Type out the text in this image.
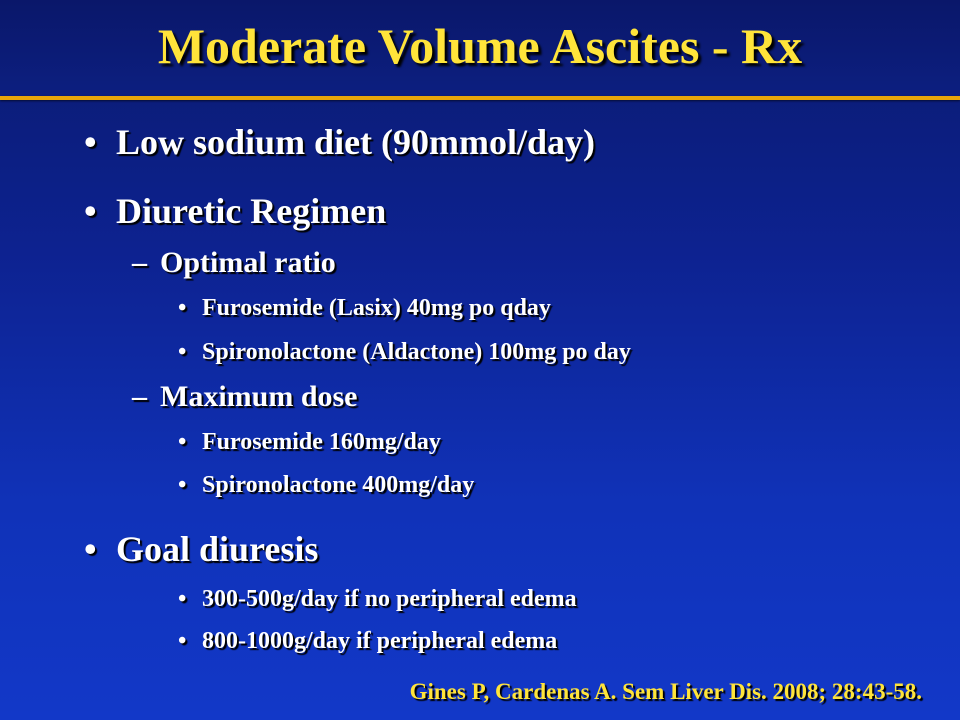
Moderate Volume Ascites - Rx
• Low sodium diet (90mmol/day)
• Diuretic Regimen
– Optimal ratio
• Furosemide (Lasix) 40mg po qday
• Spironolactone (Aldactone) 100mg po day
– Maximum dose
• Furosemide 160mg/day
• Spironolactone 400mg/day
• Goal diuresis
• 300-500g/day if no peripheral edema
• 800-1000g/day if peripheral edema
Gines P, Cardenas A. Sem Liver Dis. 2008; 28:43-58.
